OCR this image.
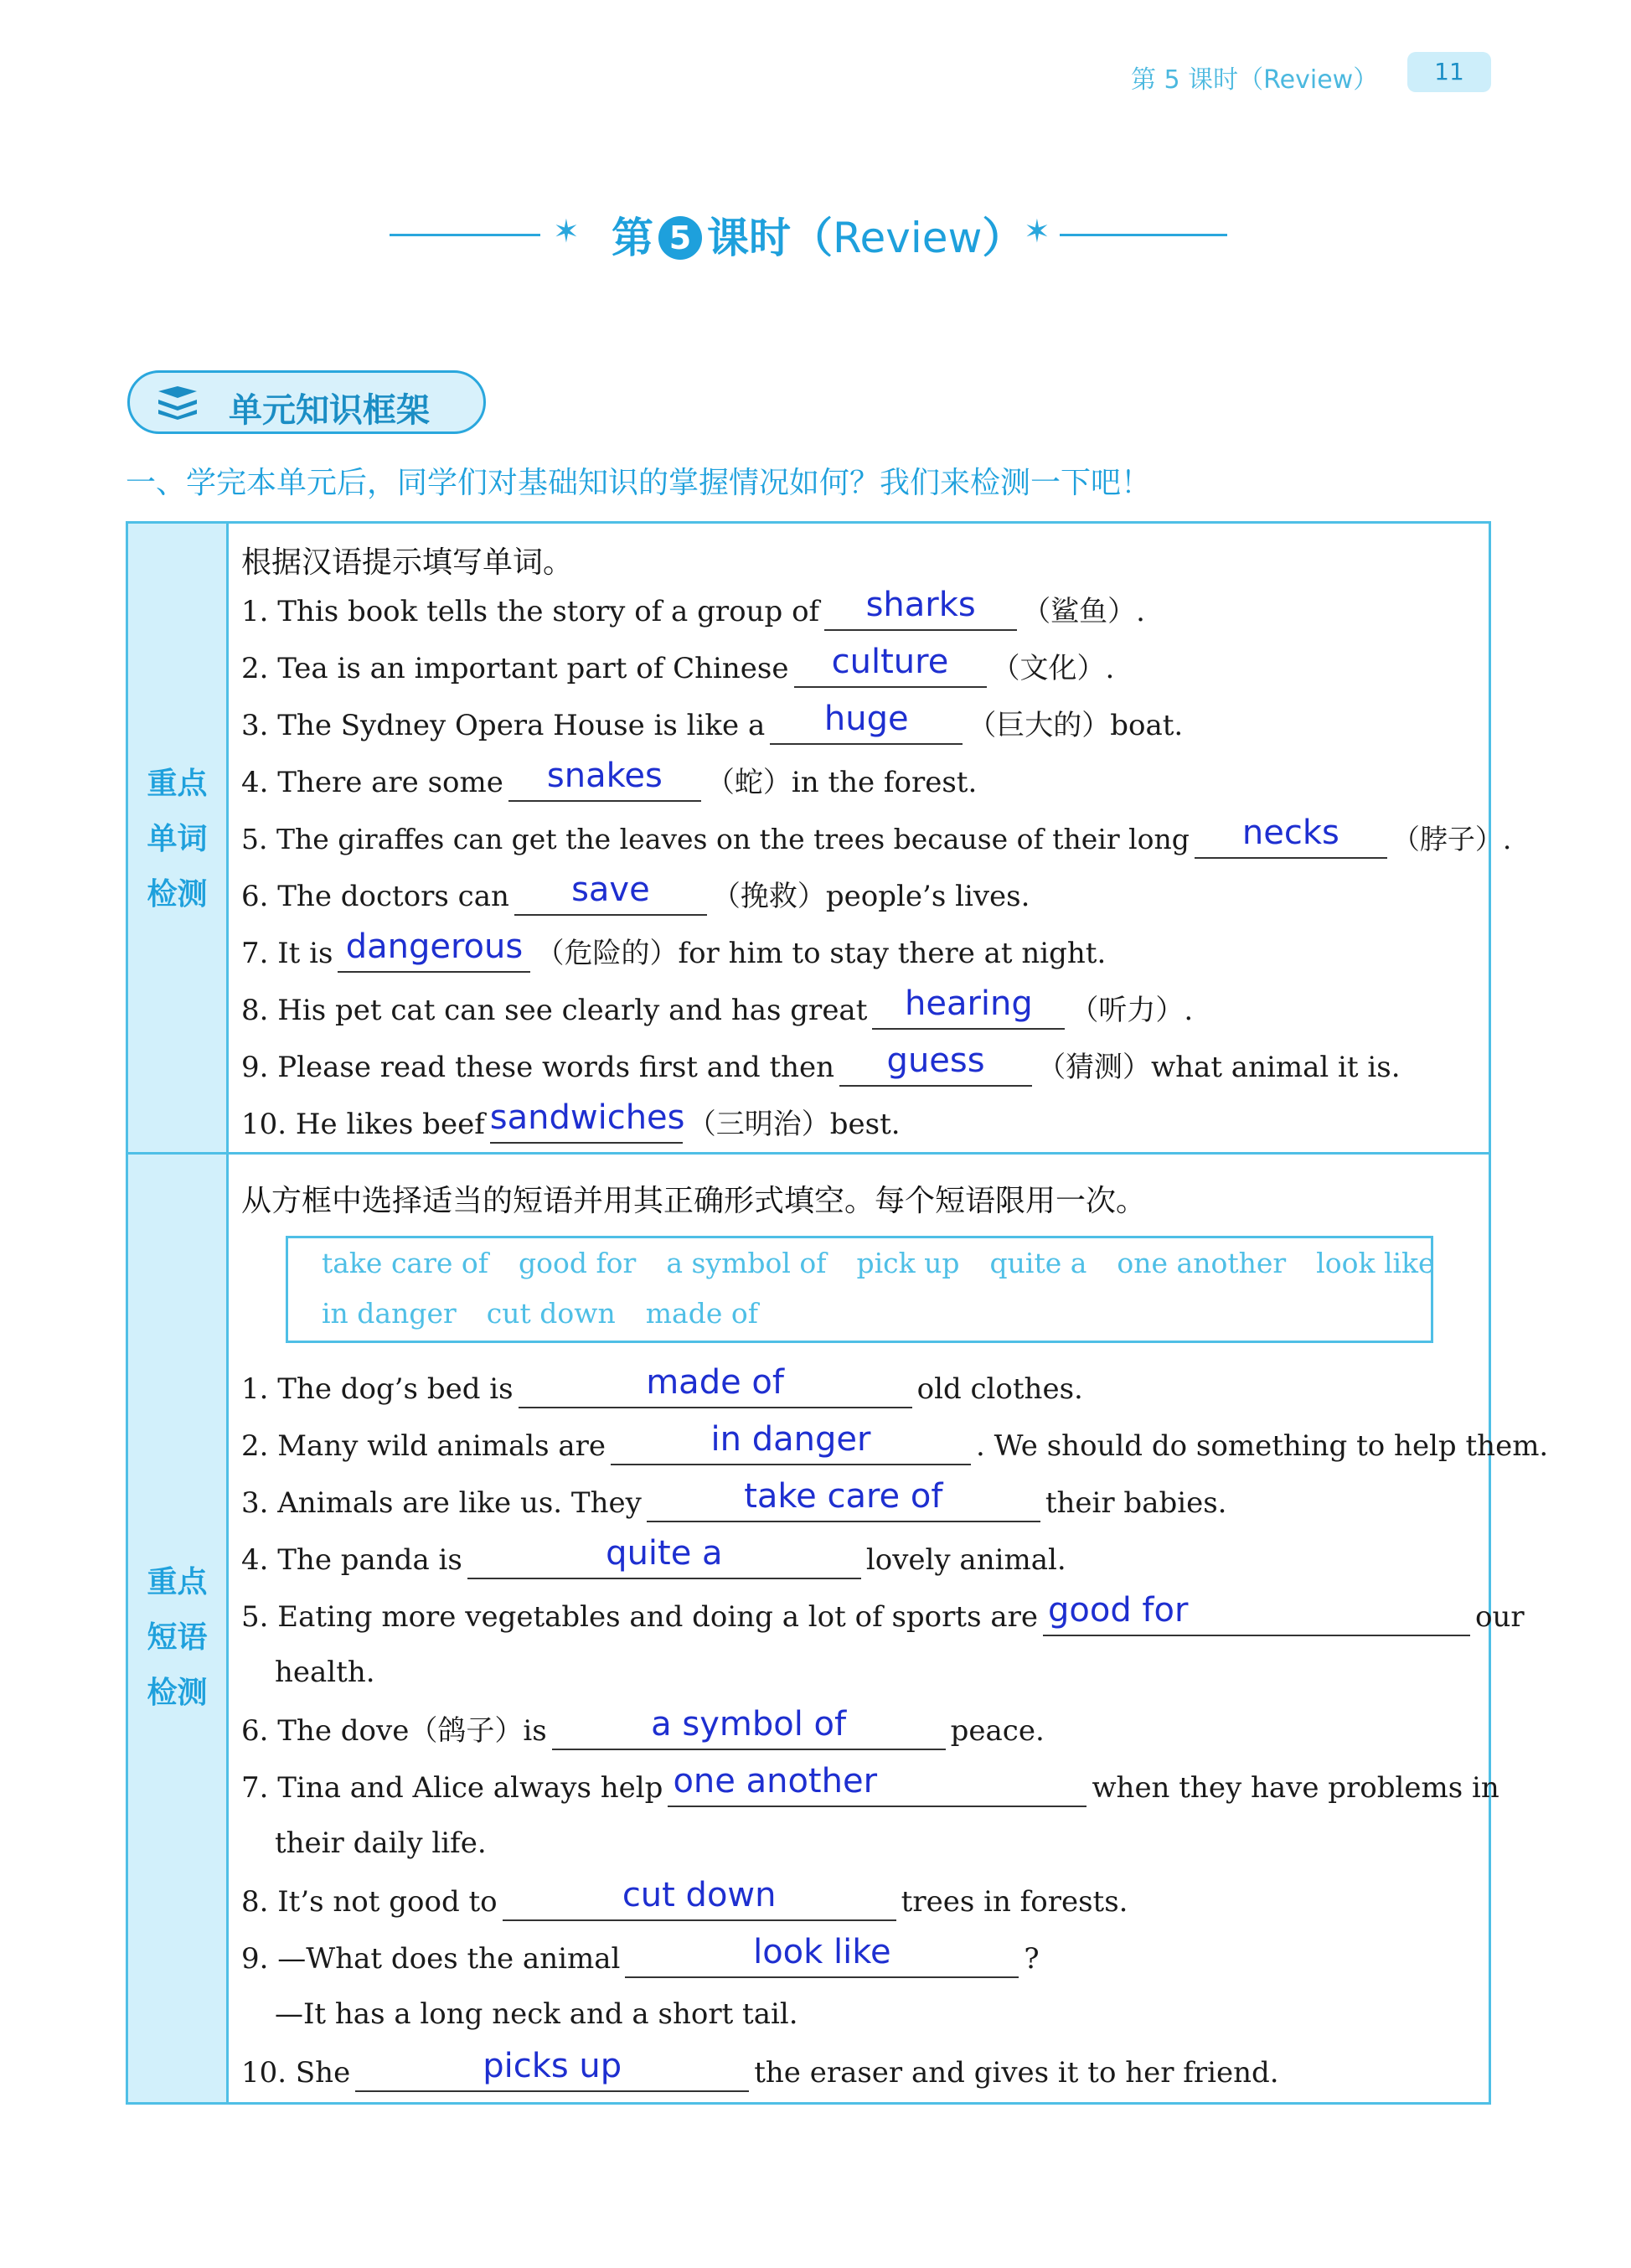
第 5 课时（Review）	11
✶ 第 5 课时（Review） ✶
单元知识框架
一、学完本单元后，同学们对基础知识的掌握情况如何？我们来检测一下吧！
重点
单词
检测
重点
短语
检测
根据汉语提示填写单词。
1. This book tells the story of a group of	sharks	（鲨鱼）.
2. Tea is an important part of Chinese	culture	（文化）.
3. The Sydney Opera House is like a	huge	（巨大的）boat.
4. There are some	snakes	（蛇）in the forest.
5. The giraffes can get the leaves on the trees because of their long	necks	（脖子）.
6. The doctors can	save	（挽救）people’s lives.
7. It is dangerous （危险的）for him to stay there at night.
8. His pet cat can see clearly and has great	hearing	（听力）.
9. Please read these words first and then	guess	（猜测）what animal it is.
10. He likes beef sandwiches （三明治）best.
从方框中选择适当的短语并用其正确形式填空。每个短语限用一次。
take care of good for a symbol of pick up quite a one another look like
in danger cut down made of
1. The dog’s bed is	made of	old clothes.
2. Many wild animals are	in danger	. We should do something to help them.
3. Animals are like us. They	take care of	their babies.
4. The panda is	quite a	lovely animal.
5. Eating more vegetables and doing a lot of sports are good for	our
health.
6. The dove（鸽子）is	a symbol of	peace.
7. Tina and Alice always help one another	when they have problems in
their daily life.
8. It’s not good to	cut down	trees in forests.
9. —What does the animal	look like	?
—It has a long neck and a short tail.
10. She	picks up	the eraser and gives it to her friend.
